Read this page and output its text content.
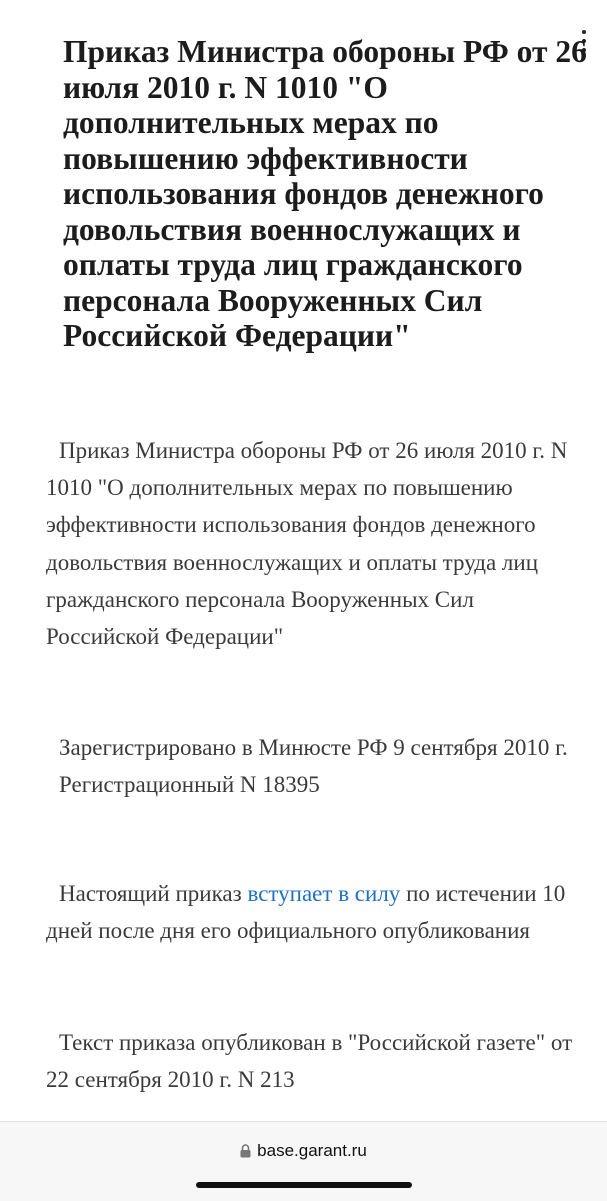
Приказ Министра обороны РФ от 26 июля 2010 г. N 1010 "О дополнительных мерах по повышению эффективности использования фондов денежного довольствия военнослужащих и оплаты труда лиц гражданского персонала Вооруженных Сил Российской Федерации"

Приказ Министра обороны РФ от 26 июля 2010 г. N 1010 "О дополнительных мерах по повышению эффективности использования фондов денежного довольствия военнослужащих и оплаты труда лиц гражданского персонала Вооруженных Сил Российской Федерации"

Зарегистрировано в Минюсте РФ 9 сентября 2010 г.
Регистрационный N 18395

Настоящий приказ вступает в силу по истечении 10 дней после дня его официального опубликования

Текст приказа опубликован в "Российской газете" от 22 сентября 2010 г. N 213

base.garant.ru
